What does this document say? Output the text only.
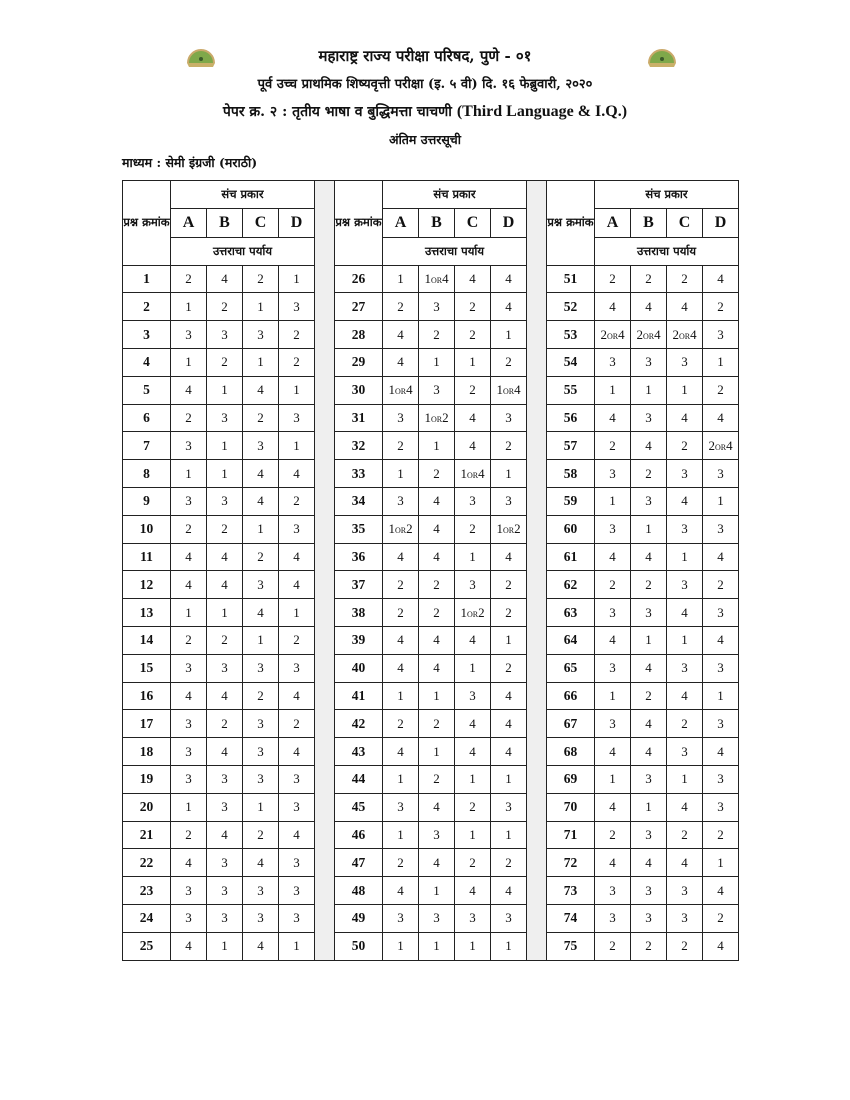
महाराष्ट्र राज्य परीक्षा परिषद, पुणे - ०१
पूर्व उच्च प्राथमिक शिष्यवृत्ती परीक्षा (इ. ५ वी) दि. १६ फेब्रुवारी, २०२०
पेपर क्र. २ : तृतीय भाषा व बुद्धिमत्ता चाचणी (Third Language & I.Q.)
अंतिम उत्तरसूची
माध्यम : सेमी इंग्रजी (मराठी)
प्रश्न क्रमांक	संच प्रकार					प्रश्न क्रमांक	संच प्रकार					प्रश्न क्रमांक	संच प्रकार			
	A	B	C	D			A	B	C	D			A	B	C	D
	उत्तराचा पर्याय						उत्तराचा पर्याय						उत्तराचा पर्याय			
1	2	4	2	1		26	1	1or4	4	4		51	2	2	2	4
2	1	2	1	3		27	2	3	2	4		52	4	4	4	2
3	3	3	3	2		28	4	2	2	1		53	2or4	2or4	2or4	3
4	1	2	1	2		29	4	1	1	2		54	3	3	3	1
5	4	1	4	1		30	1or4	3	2	1or4		55	1	1	1	2
6	2	3	2	3		31	3	1or2	4	3		56	4	3	4	4
7	3	1	3	1		32	2	1	4	2		57	2	4	2	2or4
8	1	1	4	4		33	1	2	1or4	1		58	3	2	3	3
9	3	3	4	2		34	3	4	3	3		59	1	3	4	1
10	2	2	1	3		35	1or2	4	2	1or2		60	3	1	3	3
11	4	4	2	4		36	4	4	1	4		61	4	4	1	4
12	4	4	3	4		37	2	2	3	2		62	2	2	3	2
13	1	1	4	1		38	2	2	1or2	2		63	3	3	4	3
14	2	2	1	2		39	4	4	4	1		64	4	1	1	4
15	3	3	3	3		40	4	4	1	2		65	3	4	3	3
16	4	4	2	4		41	1	1	3	4		66	1	2	4	1
17	3	2	3	2		42	2	2	4	4		67	3	4	2	3
18	3	4	3	4		43	4	1	4	4		68	4	4	3	4
19	3	3	3	3		44	1	2	1	1		69	1	3	1	3
20	1	3	1	3		45	3	4	2	3		70	4	1	4	3
21	2	4	2	4		46	1	3	1	1		71	2	3	2	2
22	4	3	4	3		47	2	4	2	2		72	4	4	4	1
23	3	3	3	3		48	4	1	4	4		73	3	3	3	4
24	3	3	3	3		49	3	3	3	3		74	3	3	3	2
25	4	1	4	1		50	1	1	1	1		75	2	2	2	4
